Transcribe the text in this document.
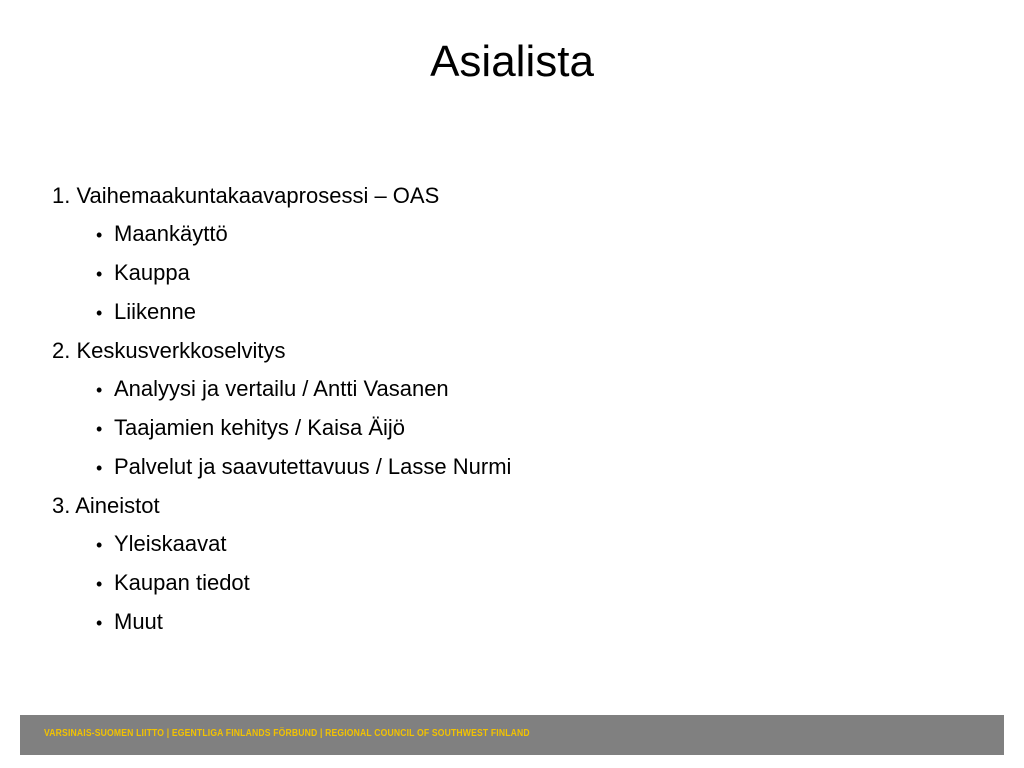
Asialista
1. Vaihemaakuntakaavaprosessi – OAS
• Maankäyttö
• Kauppa
• Liikenne
2. Keskusverkkoselvitys
• Analyysi ja vertailu / Antti Vasanen
• Taajamien kehitys / Kaisa Äijö
• Palvelut ja saavutettavuus / Lasse Nurmi
3. Aineistot
• Yleiskaavat
• Kaupan tiedot
• Muut
VARSINAIS-SUOMEN LIITTO | EGENTLIGA FINLANDS FÖRBUND | REGIONAL COUNCIL OF SOUTHWEST FINLAND
